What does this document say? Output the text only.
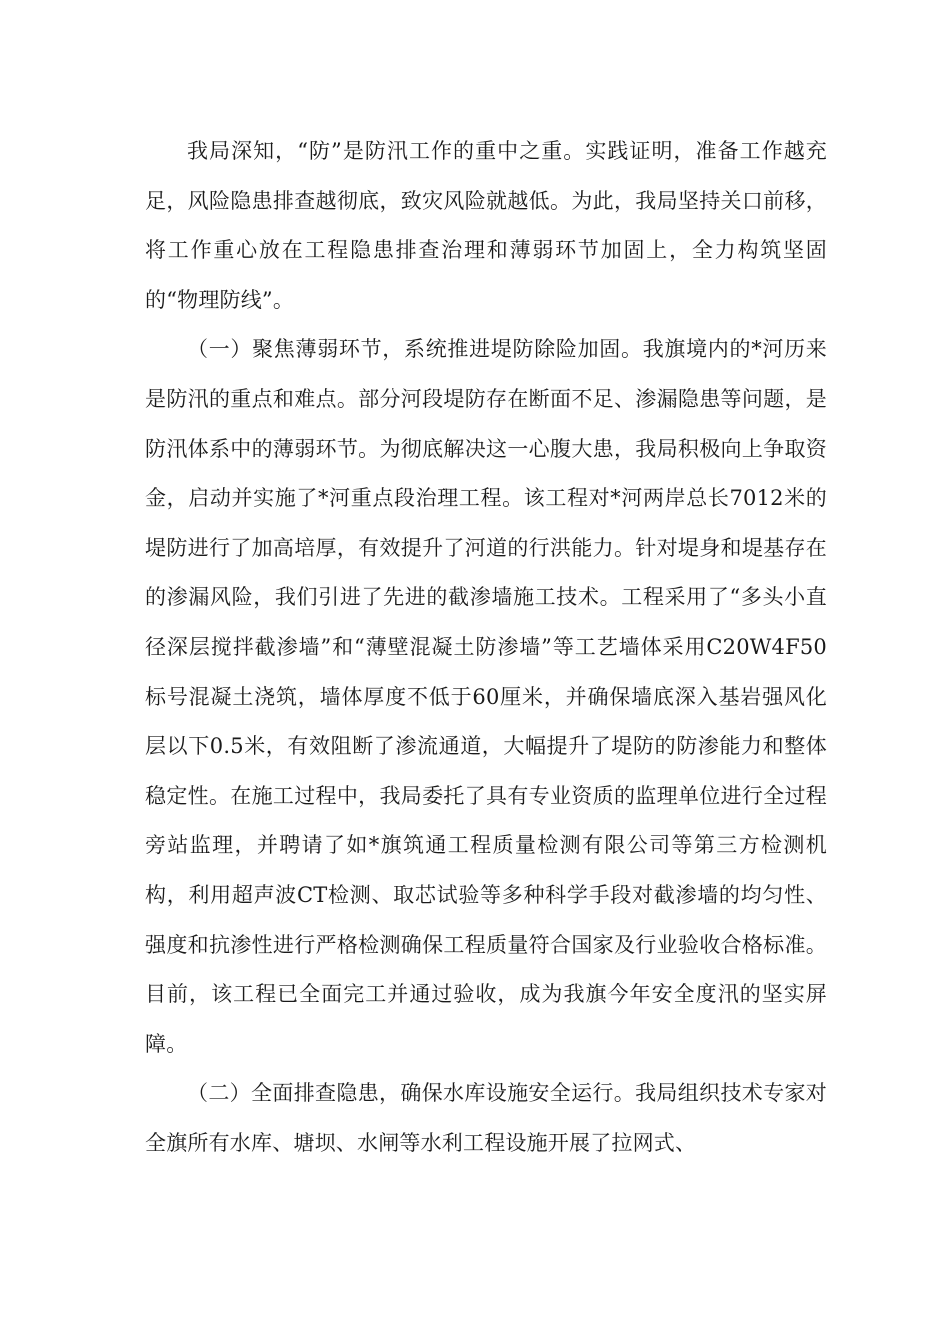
我局深知，“防”是防汛工作的重中之重。实践证明，准备工作越充足，风险隐患排查越彻底，致灾风险就越低。为此，我局坚持关口前移，将工作重心放在工程隐患排查治理和薄弱环节加固上，全力构筑坚固的“物理防线”。

（一）聚焦薄弱环节，系统推进堤防除险加固。我旗境内的*河历来是防汛的重点和难点。部分河段堤防存在断面不足、渗漏隐患等问题，是防汛体系中的薄弱环节。为彻底解决这一心腹大患，我局积极向上争取资金，启动并实施了*河重点段治理工程。该工程对*河两岸总长7012米的堤防进行了加高培厚，有效提升了河道的行洪能力。针对堤身和堤基存在的渗漏风险，我们引进了先进的截渗墙施工技术。工程采用了“多头小直径深层搅拌截渗墙”和“薄壁混凝土防渗墙”等工艺墙体采用C20W4F50标号混凝土浇筑，墙体厚度不低于60厘米，并确保墙底深入基岩强风化层以下0.5米，有效阻断了渗流通道，大幅提升了堤防的防渗能力和整体稳定性。在施工过程中，我局委托了具有专业资质的监理单位进行全过程旁站监理，并聘请了如*旗筑通工程质量检测有限公司等第三方检测机构，利用超声波CT检测、取芯试验等多种科学手段对截渗墙的均匀性、强度和抗渗性进行严格检测确保工程质量符合国家及行业验收合格标准。目前，该工程已全面完工并通过验收，成为我旗今年安全度汛的坚实屏障。

（二）全面排查隐患，确保水库设施安全运行。我局组织技术专家对全旗所有水库、塘坝、水闸等水利工程设施开展了拉网式、
